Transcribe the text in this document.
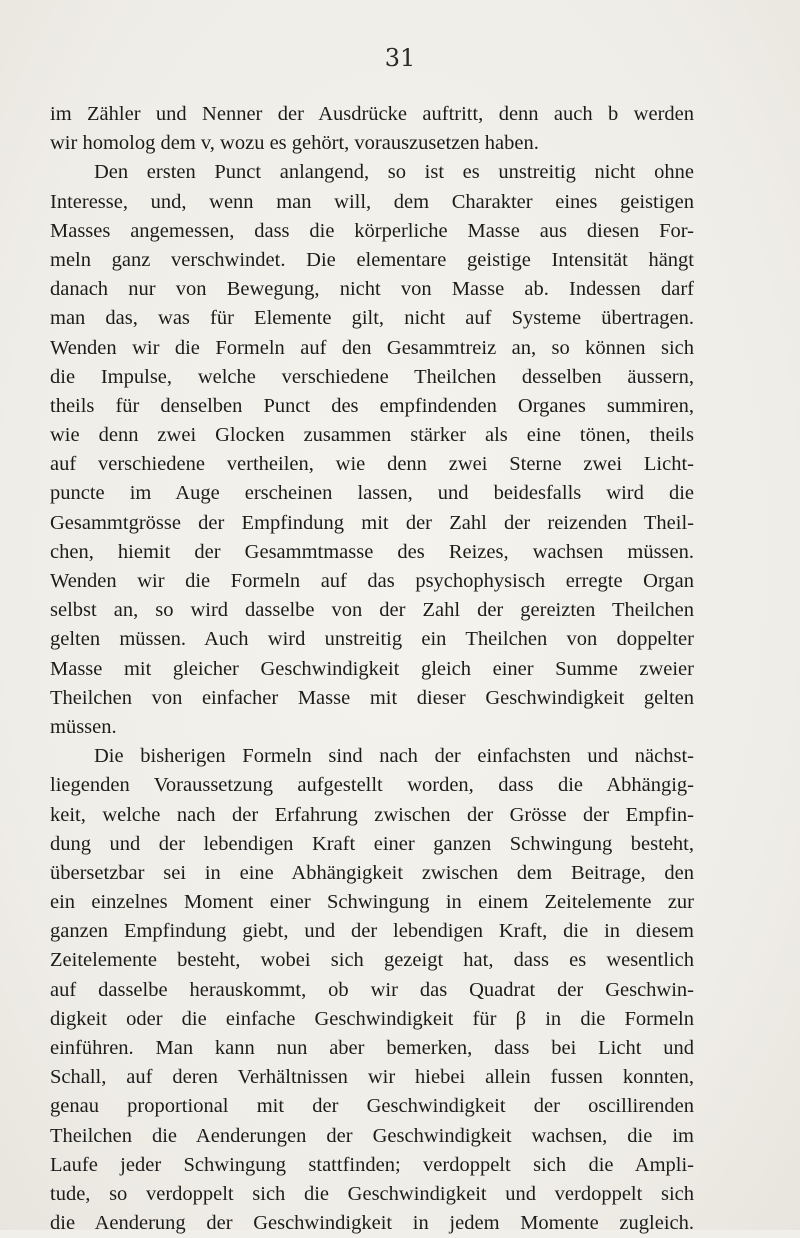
31
im Zähler und Nenner der Ausdrücke auftritt, denn auch b werden
wir homolog dem v, wozu es gehört, vorauszusetzen haben.
Den ersten Punct anlangend, so ist es unstreitig nicht ohne
Interesse, und, wenn man will, dem Charakter eines geistigen
Masses angemessen, dass die körperliche Masse aus diesen For-
meln ganz verschwindet. Die elementare geistige Intensität hängt
danach nur von Bewegung, nicht von Masse ab. Indessen darf
man das, was für Elemente gilt, nicht auf Systeme übertragen.
Wenden wir die Formeln auf den Gesammtreiz an, so können sich
die Impulse, welche verschiedene Theilchen desselben äussern,
theils für denselben Punct des empfindenden Organes summiren,
wie denn zwei Glocken zusammen stärker als eine tönen, theils
auf verschiedene vertheilen, wie denn zwei Sterne zwei Licht-
puncte im Auge erscheinen lassen, und beidesfalls wird die
Gesammtgrösse der Empfindung mit der Zahl der reizenden Theil-
chen, hiemit der Gesammtmasse des Reizes, wachsen müssen.
Wenden wir die Formeln auf das psychophysisch erregte Organ
selbst an, so wird dasselbe von der Zahl der gereizten Theilchen
gelten müssen. Auch wird unstreitig ein Theilchen von doppelter
Masse mit gleicher Geschwindigkeit gleich einer Summe zweier
Theilchen von einfacher Masse mit dieser Geschwindigkeit gelten
müssen.
Die bisherigen Formeln sind nach der einfachsten und nächst-
liegenden Voraussetzung aufgestellt worden, dass die Abhängig-
keit, welche nach der Erfahrung zwischen der Grösse der Empfin-
dung und der lebendigen Kraft einer ganzen Schwingung besteht,
übersetzbar sei in eine Abhängigkeit zwischen dem Beitrage, den
ein einzelnes Moment einer Schwingung in einem Zeitelemente zur
ganzen Empfindung giebt, und der lebendigen Kraft, die in diesem
Zeitelemente besteht, wobei sich gezeigt hat, dass es wesentlich
auf dasselbe herauskommt, ob wir das Quadrat der Geschwin-
digkeit oder die einfache Geschwindigkeit für β in die Formeln
einführen. Man kann nun aber bemerken, dass bei Licht und
Schall, auf deren Verhältnissen wir hiebei allein fussen konnten,
genau proportional mit der Geschwindigkeit der oscillirenden
Theilchen die Aenderungen der Geschwindigkeit wachsen, die im
Laufe jeder Schwingung stattfinden; verdoppelt sich die Ampli-
tude, so verdoppelt sich die Geschwindigkeit und verdoppelt sich
die Aenderung der Geschwindigkeit in jedem Momente zugleich.
